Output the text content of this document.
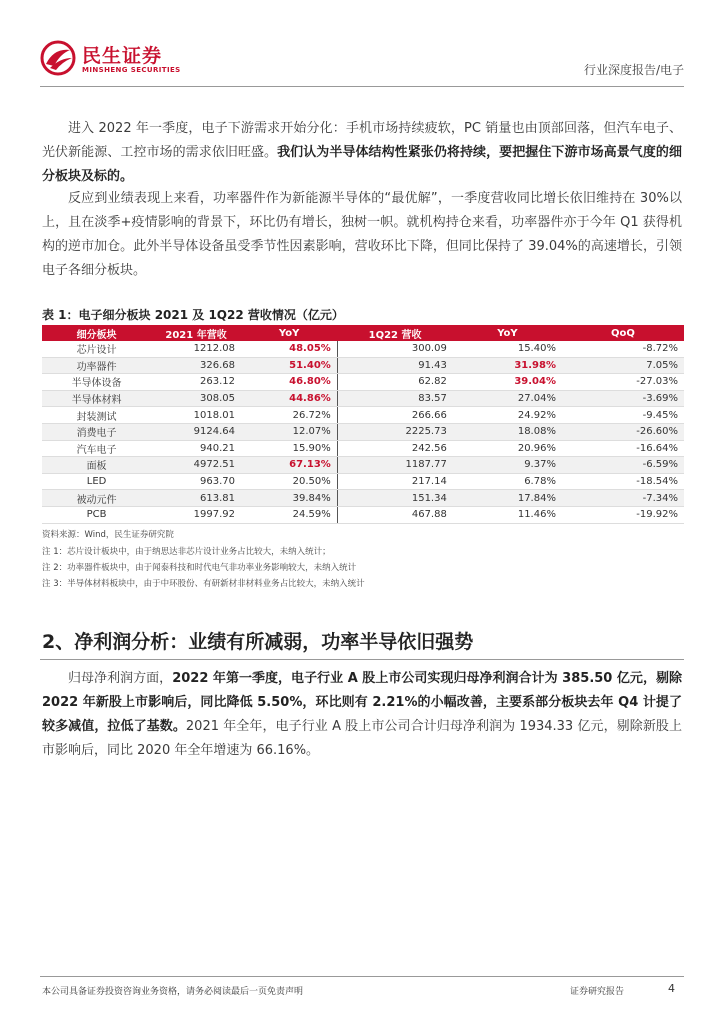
民生证券
MINSHENG SECURITIES	行业深度报告/电子

进入 2022 年一季度，电子下游需求开始分化：手机市场持续疲软，PC 销量也由顶部回落，但汽车电子、光伏新能源、工控市场的需求依旧旺盛。我们认为半导体结构性紧张仍将持续，要把握住下游市场高景气度的细分板块及标的。

反应到业绩表现上来看，功率器件作为新能源半导体的“最优解”，一季度营收同比增长依旧维持在 30%以上，且在淡季+疫情影响的背景下，环比仍有增长，独树一帜。就机构持仓来看，功率器件亦于今年 Q1 获得机构的逆市加仓。此外半导体设备虽受季节性因素影响，营收环比下降，但同比保持了 39.04%的高速增长，引领电子各细分板块。

表 1：电子细分板块 2021 及 1Q22 营收情况（亿元）
细分板块	2021 年营收	YoY	1Q22 营收	YoY	QoQ
芯片设计	1212.08	48.05%	300.09	15.40%	-8.72%
功率器件	326.68	51.40%	91.43	31.98%	7.05%
半导体设备	263.12	46.80%	62.82	39.04%	-27.03%
半导体材料	308.05	44.86%	83.57	27.04%	-3.69%
封装测试	1018.01	26.72%	266.66	24.92%	-9.45%
消费电子	9124.64	12.07%	2225.73	18.08%	-26.60%
汽车电子	940.21	15.90%	242.56	20.96%	-16.64%
面板	4972.51	67.13%	1187.77	9.37%	-6.59%
LED	963.70	20.50%	217.14	6.78%	-18.54%
被动元件	613.81	39.84%	151.34	17.84%	-7.34%
PCB	1997.92	24.59%	467.88	11.46%	-19.92%
资料来源：Wind，民生证券研究院
注 1：芯片设计板块中，由于纳思达非芯片设计业务占比较大，未纳入统计；
注 2：功率器件板块中，由于闻泰科技和时代电气非功率业务影响较大，未纳入统计
注 3：半导体材料板块中，由于中环股份、有研新材非材料业务占比较大，未纳入统计
2、净利润分析：业绩有所减弱，功率半导依旧强势

归母净利润方面，2022 年第一季度，电子行业 A 股上市公司实现归母净利润合计为 385.50 亿元，剔除 2022 年新股上市影响后，同比降低 5.50%，环比则有 2.21%的小幅改善，主要系部分板块去年 Q4 计提了较多减值，拉低了基数。2021 年全年，电子行业 A 股上市公司合计归母净利润为 1934.33 亿元，剔除新股上市影响后，同比 2020 年全年增速为 66.16%。

本公司具备证券投资咨询业务资格，请务必阅读最后一页免责声明	证券研究报告	4
